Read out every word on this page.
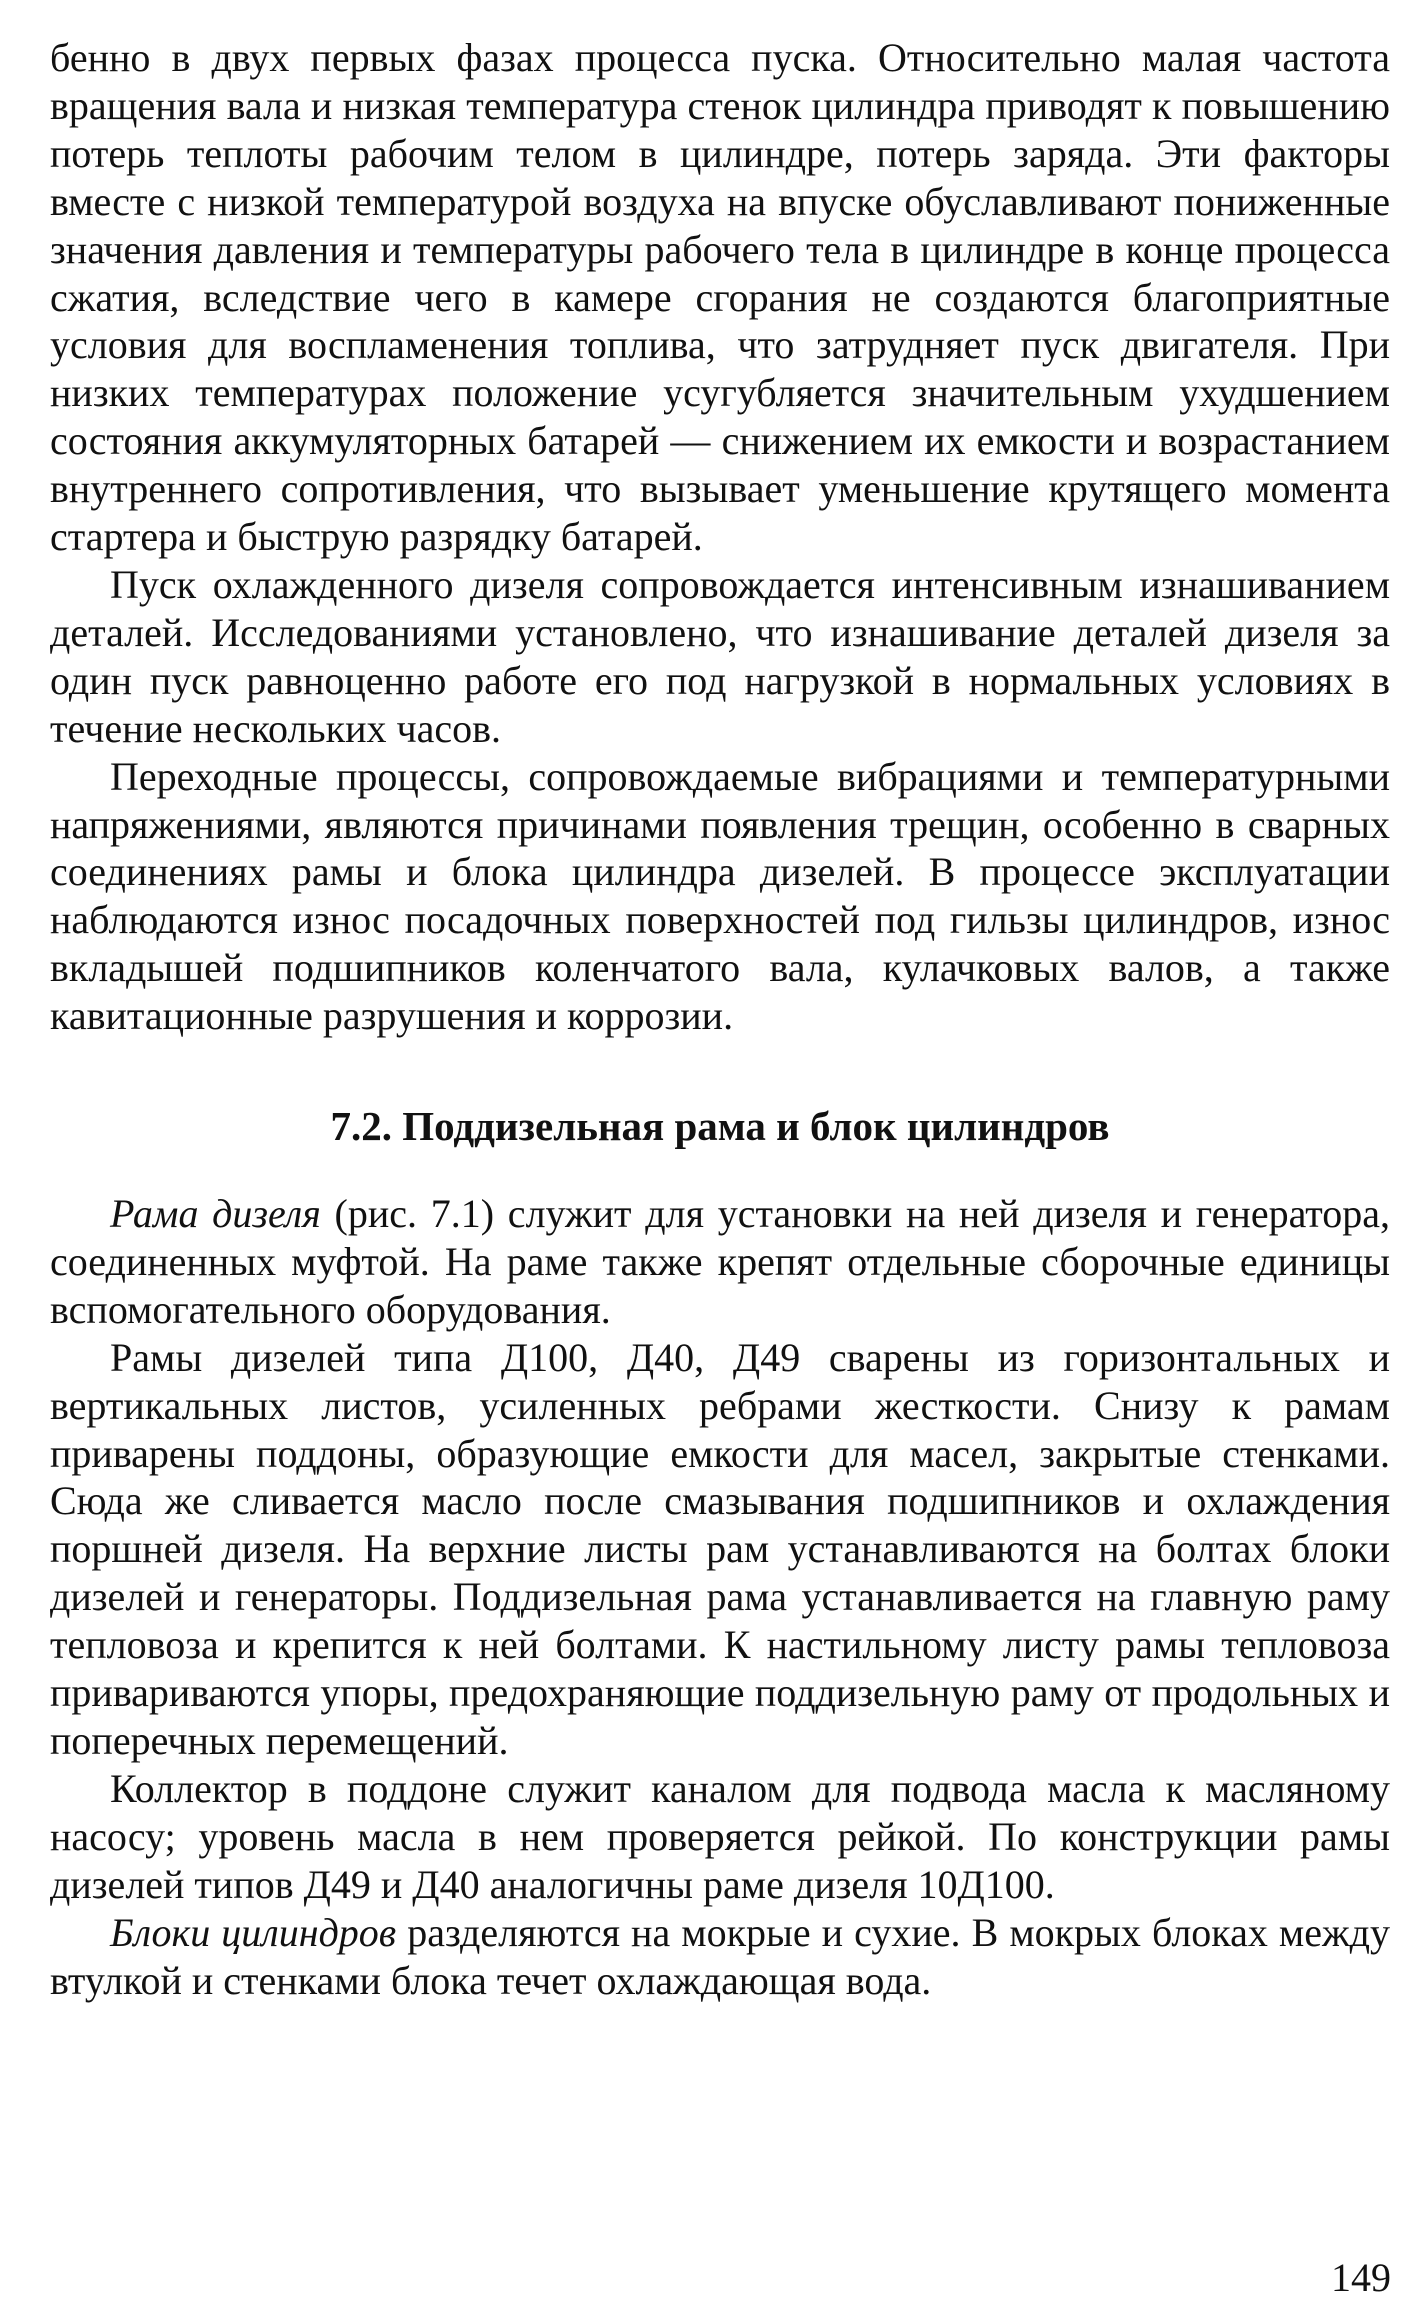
бенно в двух первых фазах процесса пуска. Относительно малая частота вращения вала и низкая температура стенок цилиндра приводят к повышению потерь теплоты рабочим телом в цилиндре, потерь заряда. Эти факторы вместе с низкой температурой воздуха на впуске обуславливают пониженные значения давления и температуры рабочего тела в цилиндре в конце процесса сжатия, вследствие чего в камере сгорания не создаются благоприятные условия для воспламенения топлива, что затрудняет пуск двигателя. При низких температурах положение усугубляется значительным ухудшением состояния аккумуляторных батарей — снижением их емкости и возрастанием внутреннего сопротивления, что вызывает уменьшение крутящего момента стартера и быструю разрядку батарей.

Пуск охлажденного дизеля сопровождается интенсивным изнашиванием деталей. Исследованиями установлено, что изнашивание деталей дизеля за один пуск равноценно работе его под нагрузкой в нормальных условиях в течение нескольких часов.

Переходные процессы, сопровождаемые вибрациями и температурными напряжениями, являются причинами появления трещин, особенно в сварных соединениях рамы и блока цилиндра дизелей. В процессе эксплуатации наблюдаются износ посадочных поверхностей под гильзы цилиндров, износ вкладышей подшипников коленчатого вала, кулачковых валов, а также кавитационные разрушения и коррозии.

7.2. Поддизельная рама и блок цилиндров

Рама дизеля (рис. 7.1) служит для установки на ней дизеля и генератора, соединенных муфтой. На раме также крепят отдельные сборочные единицы вспомогательного оборудования.

Рамы дизелей типа Д100, Д40, Д49 сварены из горизонтальных и вертикальных листов, усиленных ребрами жесткости. Снизу к рамам приварены поддоны, образующие емкости для масел, закрытые стенками. Сюда же сливается масло после смазывания подшипников и охлаждения поршней дизеля. На верхние листы рам устанавливаются на болтах блоки дизелей и генераторы. Поддизельная рама устанавливается на главную раму тепловоза и крепится к ней болтами. К настильному листу рамы тепловоза привариваются упоры, предохраняющие поддизельную раму от продольных и поперечных перемещений.

Коллектор в поддоне служит каналом для подвода масла к масляному насосу; уровень масла в нем проверяется рейкой. По конструкции рамы дизелей типов Д49 и Д40 аналогичны раме дизеля 10Д100.

Блоки цилиндров разделяются на мокрые и сухие. В мокрых блоках между втулкой и стенками блока течет охлаждающая вода.

149
